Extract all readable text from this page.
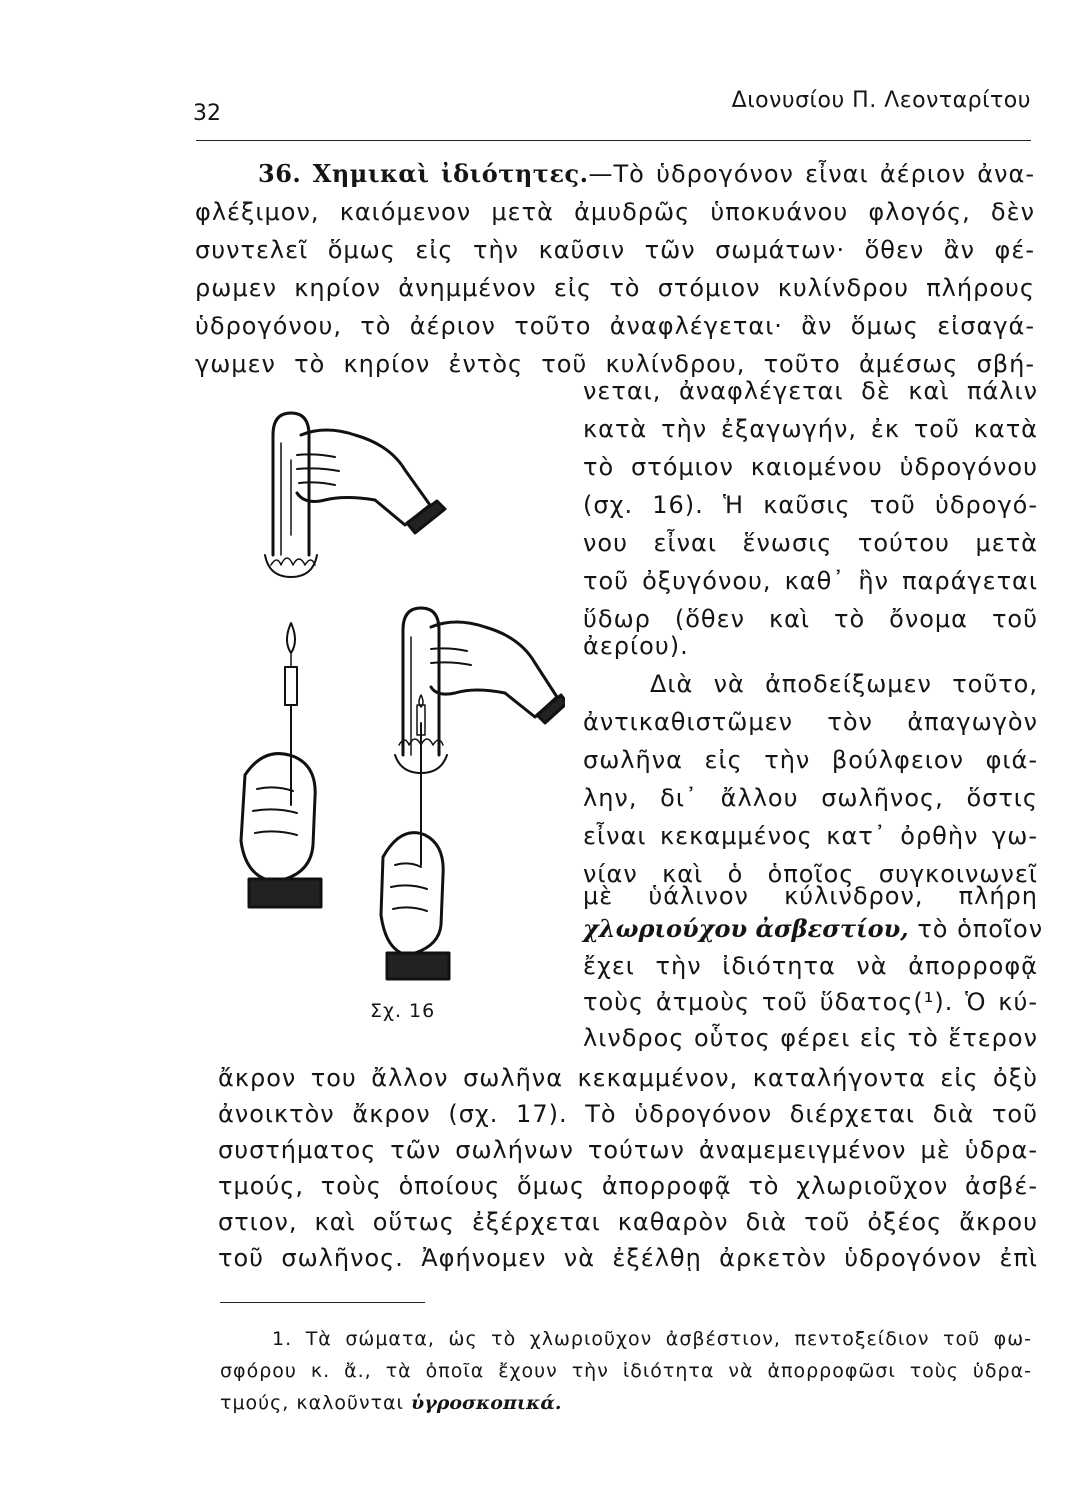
32
Διονυσίου Π. Λεονταρίτου
36. Χημικαὶ ἰδιότητες.—Τὸ ὑδρογόνον εἶναι ἀέριον ἀνα-
φλέξιμον, καιόμενον μετὰ ἀμυδρῶς ὑποκυάνου φλογός, δὲν
συντελεῖ ὅμως εἰς τὴν καῦσιν τῶν σωμάτων· ὅθεν ἂν φέ-
ρωμεν κηρίον ἀνημμένον εἰς τὸ στόμιον κυλίνδρου πλήρους
ὑδρογόνου, τὸ ἀέριον τοῦτο ἀναφλέγεται· ἂν ὅμως εἰσαγά-
γωμεν τὸ κηρίον ἐντὸς τοῦ κυλίνδρου, τοῦτο ἀμέσως σβή-
νεται, ἀναφλέγεται δὲ καὶ πάλιν
κατὰ τὴν ἐξαγωγήν, ἐκ τοῦ κατὰ
τὸ στόμιον καιομένου ὑδρογόνου
(σχ. 16). Ἡ καῦσις τοῦ ὑδρογό-
νου εἶναι ἕνωσις τούτου μετὰ
τοῦ ὀξυγόνου, καθ᾽ ἣν παράγεται
ὕδωρ (ὅθεν καὶ τὸ ὄνομα τοῦ
ἀερίου).
Διὰ νὰ ἀποδείξωμεν τοῦτο,
ἀντικαθιστῶμεν τὸν ἀπαγωγὸν
σωλῆνα εἰς τὴν βούλφειον φιά-
λην, δι᾽ ἄλλου σωλῆνος, ὅστις
εἶναι κεκαμμένος κατ᾽ ὀρθὴν γω-
νίαν καὶ ὁ ὁποῖος συγκοινωνεῖ
μὲ ὑάλινον κύλινδρον, πλήρη
χλωριούχου ἀσβεστίου, τὸ ὁποῖον
ἔχει τὴν ἰδιότητα νὰ ἀπορροφᾷ
τοὺς ἀτμοὺς τοῦ ὕδατος(¹). Ὁ κύ-
λινδρος οὗτος φέρει εἰς τὸ ἕτερον
ἄκρον του ἄλλον σωλῆνα κεκαμμένον, καταλήγοντα εἰς ὀξὺ
ἀνοικτὸν ἄκρον (σχ. 17). Τὸ ὑδρογόνον διέρχεται διὰ τοῦ
συστήματος τῶν σωλήνων τούτων ἀναμεμειγμένον μὲ ὑδρα-
τμούς, τοὺς ὁποίους ὅμως ἀπορροφᾷ τὸ χλωριοῦχον ἀσβέ-
στιον, καὶ οὕτως ἐξέρχεται καθαρὸν διὰ τοῦ ὀξέος ἄκρου
τοῦ σωλῆνος. Ἀφήνομεν νὰ ἐξέλθῃ ἀρκετὸν ὑδρογόνον ἐπὶ
Σχ. 16
1. Τὰ σώματα, ὡς τὸ χλωριοῦχον ἀσβέστιον, πεντοξείδιον τοῦ φω-
σφόρου κ. ἄ., τὰ ὁποῖα ἔχουν τὴν ἰδιότητα νὰ ἀπορροφῶσι τοὺς ὑδρα-
τμούς, καλοῦνται ὑγροσκοπικά.
